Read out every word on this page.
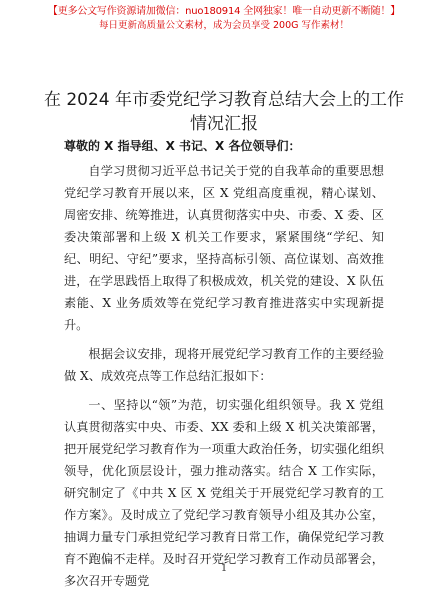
【更多公文写作资源请加微信：nuo180914 全网独家！唯一自动更新不断随！】
每日更新高质量公文素材，成为会员享受 200G 写作素材！
在 2024 年市委党纪学习教育总结大会上的工作情况汇报
尊敬的 X 指导组、X 书记、X 各位领导们：

自学习贯彻习近平总书记关于党的自我革命的重要思想党纪学习教育开展以来，区 X 党组高度重视，精心谋划、周密安排、统筹推进，认真贯彻落实中央、市委、X 委、区委决策部署和上级 X 机关工作要求，紧紧围绕“学纪、知纪、明纪、守纪”要求，坚持高标引领、高位谋划、高效推进，在学思践悟上取得了积极成效，机关党的建设、X 队伍素能、X 业务质效等在党纪学习教育推进落实中实现新提升。

根据会议安排，现将开展党纪学习教育工作的主要经验做 X、成效亮点等工作总结汇报如下：

一、坚持以“领”为范，切实强化组织领导。我 X 党组认真贯彻落实中央、市委、XX 委和上级 X 机关决策部署，把开展党纪学习教育作为一项重大政治任务，切实强化组织领导，优化顶层设计，强力推动落实。结合 X 工作实际，研究制定了《中共 X 区 X 党组关于开展党纪学习教育的工作方案》。及时成立了党纪学习教育领导小组及其办公室，抽调力量专门承担党纪学习教育日常工作，确保党纪学习教育不跑偏不走样。及时召开党纪学习教育工作动员部署会，多次召开专题党

1
